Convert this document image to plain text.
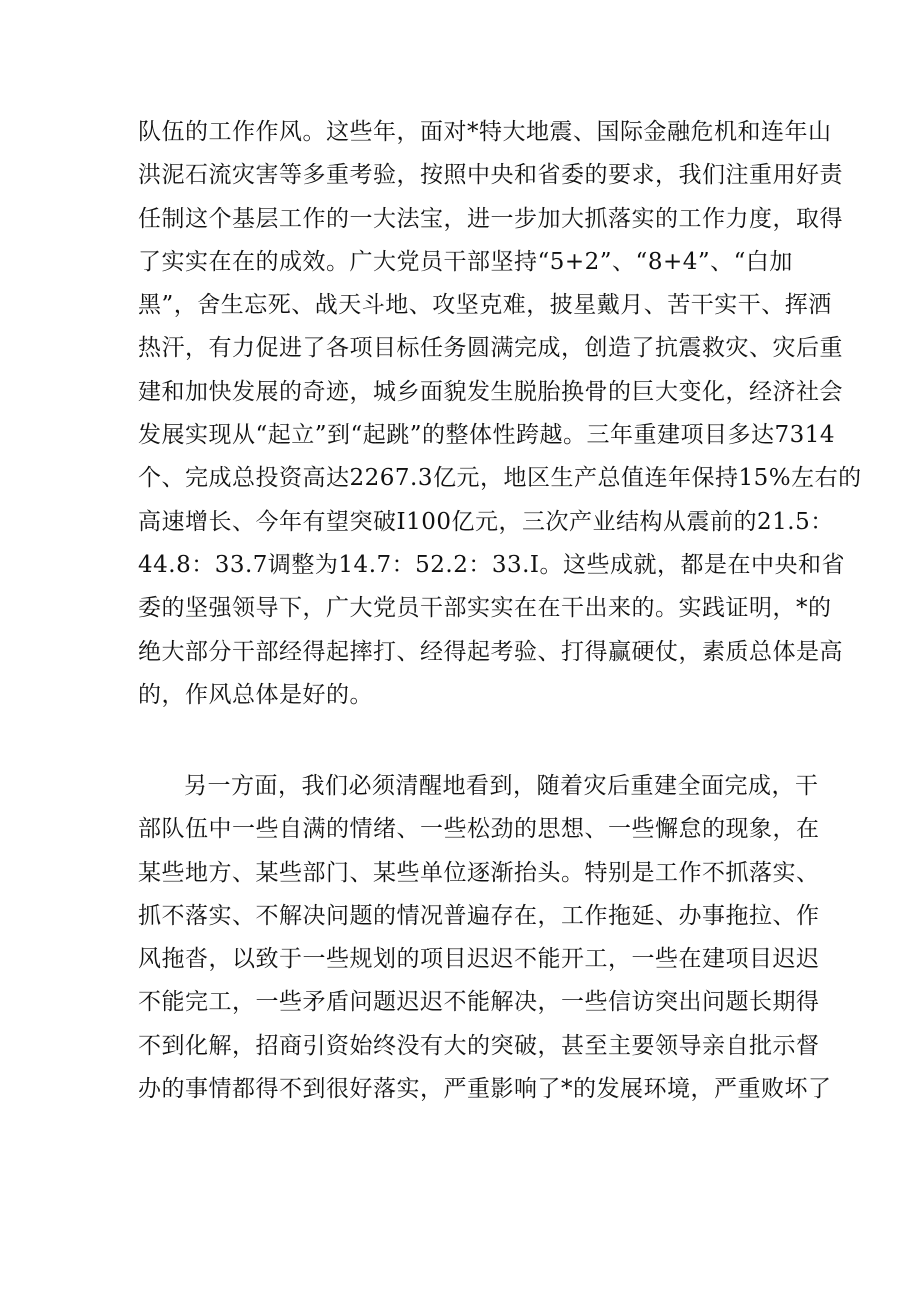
队伍的工作作风。这些年，面对*特大地震、国际金融危机和连年山
洪泥石流灾害等多重考验，按照中央和省委的要求，我们注重用好责
任制这个基层工作的一大法宝，进一步加大抓落实的工作力度，取得
了实实在在的成效。广大党员干部坚持“5+2”、“8+4”、“白加
黑”，舍生忘死、战天斗地、攻坚克难，披星戴月、苦干实干、挥洒
热汗，有力促进了各项目标任务圆满完成，创造了抗震救灾、灾后重
建和加快发展的奇迹，城乡面貌发生脱胎换骨的巨大变化，经济社会
发展实现从“起立”到“起跳”的整体性跨越。三年重建项目多达7314
个、完成总投资高达2267.3亿元，地区生产总值连年保持15%左右的
高速增长、今年有望突破I100亿元，三次产业结构从震前的21.5：
44.8：33.7调整为14.7：52.2：33.I。这些成就，都是在中央和省
委的坚强领导下，广大党员干部实实在在干出来的。实践证明，*的
绝大部分干部经得起摔打、经得起考验、打得赢硬仗，素质总体是高
的，作风总体是好的。
另一方面，我们必须清醒地看到，随着灾后重建全面完成，干
部队伍中一些自满的情绪、一些松劲的思想、一些懈怠的现象，在
某些地方、某些部门、某些单位逐渐抬头。特别是工作不抓落实、
抓不落实、不解决问题的情况普遍存在，工作拖延、办事拖拉、作
风拖沓，以致于一些规划的项目迟迟不能开工，一些在建项目迟迟
不能完工，一些矛盾问题迟迟不能解决，一些信访突出问题长期得
不到化解，招商引资始终没有大的突破，甚至主要领导亲自批示督
办的事情都得不到很好落实，严重影响了*的发展环境，严重败坏了
